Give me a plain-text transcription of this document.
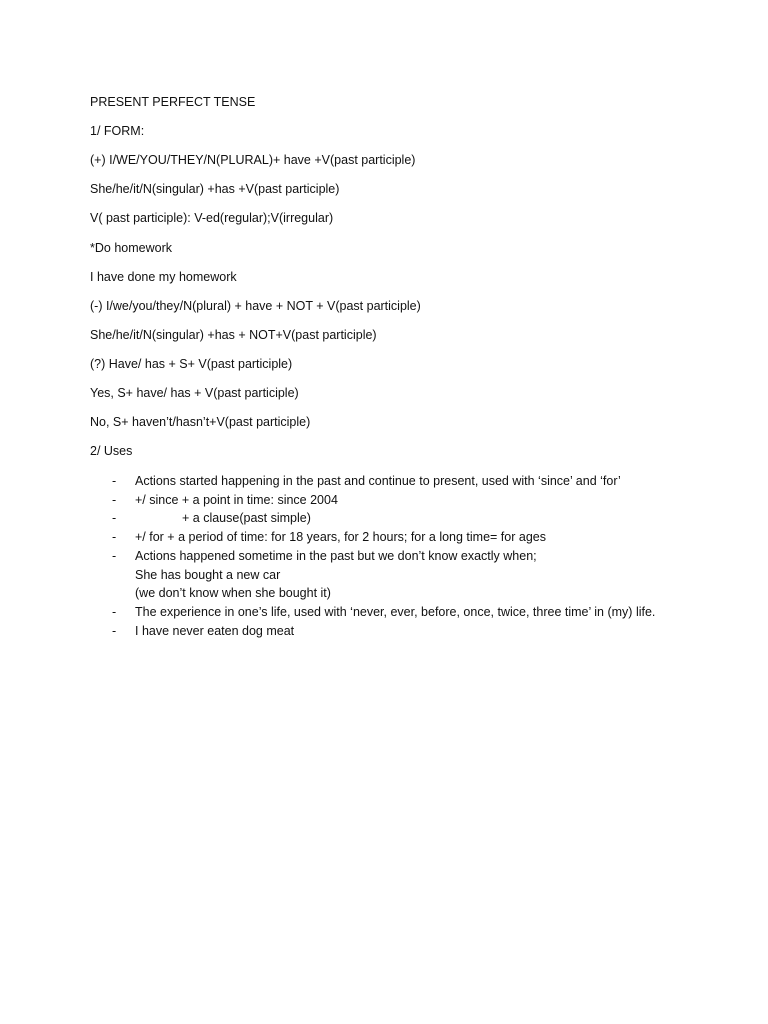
PRESENT PERFECT TENSE
1/ FORM:
(+) I/WE/YOU/THEY/N(PLURAL)+ have +V(past participle)
She/he/it/N(singular) +has +V(past participle)
V( past participle): V-ed(regular);V(irregular)
*Do homework
I have done my homework
(-) I/we/you/they/N(plural) + have + NOT + V(past participle)
She/he/it/N(singular) +has + NOT+V(past participle)
(?) Have/ has + S+ V(past participle)
Yes, S+ have/ has + V(past participle)
No, S+ haven’t/hasn’t+V(past participle)
2/ Uses
- Actions started happening in the past and continue to present, used with ‘since’ and ‘for’
- +/ since + a point in time: since 2004
-	+ a clause(past simple)
- +/ for + a period of time: for 18 years, for 2 hours; for a long time= for ages
- Actions happened sometime in the past but we don’t know exactly when;
She has bought a new car
(we don’t know when she bought it)
- The experience in one’s life, used with ‘never, ever, before, once, twice, three time’ in (my) life.
- I have never eaten dog meat
